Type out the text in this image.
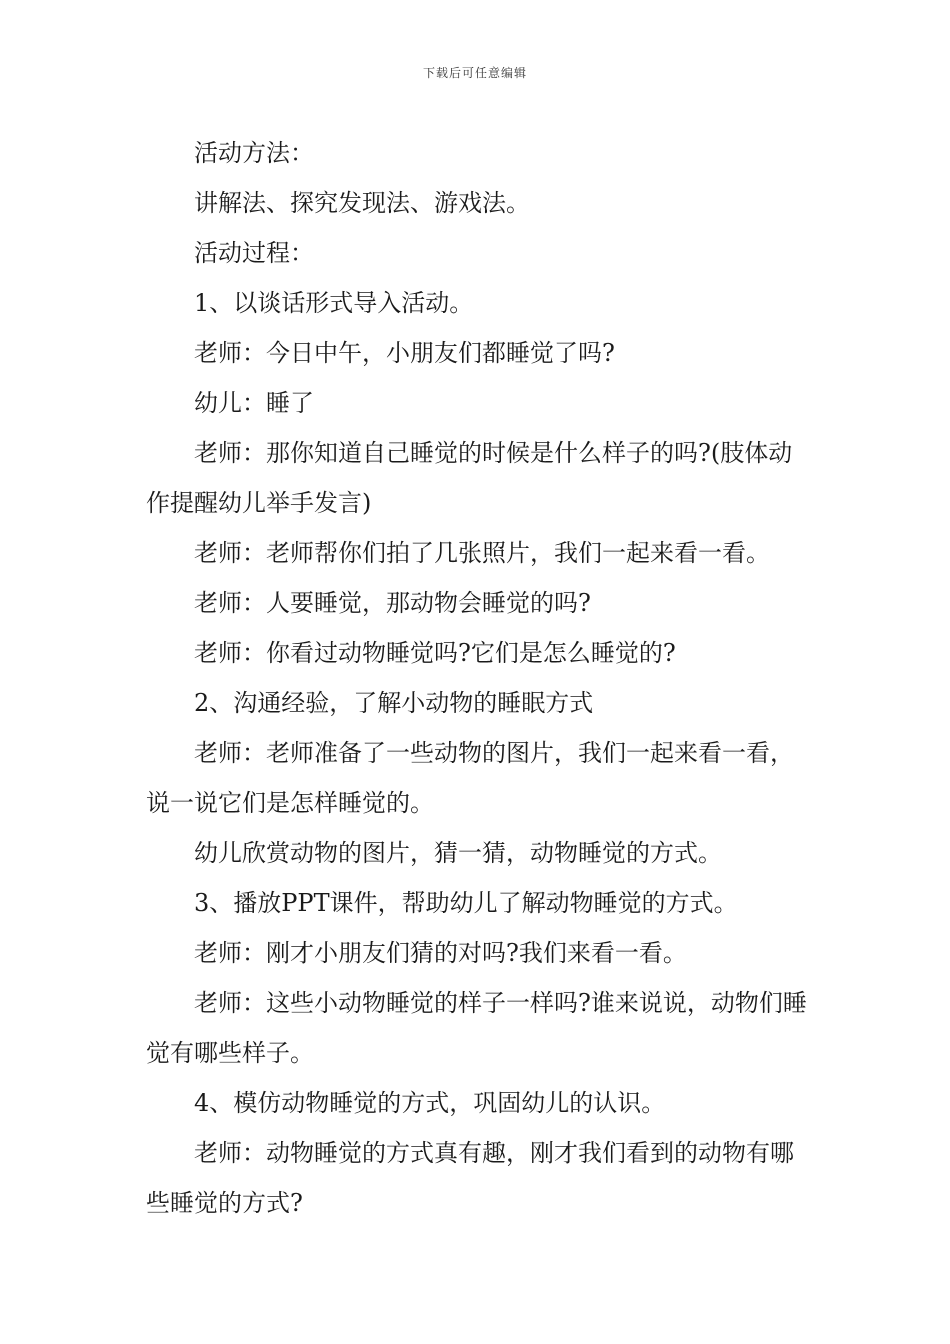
下载后可任意编辑

活动方法：

讲解法、探究发现法、游戏法。

活动过程：

1、以谈话形式导入活动。

老师：今日中午，小朋友们都睡觉了吗?

幼儿：睡了

老师：那你知道自己睡觉的时候是什么样子的吗?(肢体动作提醒幼儿举手发言)

老师：老师帮你们拍了几张照片，我们一起来看一看。

老师：人要睡觉，那动物会睡觉的吗?

老师：你看过动物睡觉吗?它们是怎么睡觉的?

2、沟通经验，了解小动物的睡眠方式

老师：老师准备了一些动物的图片，我们一起来看一看，说一说它们是怎样睡觉的。

幼儿欣赏动物的图片，猜一猜，动物睡觉的方式。

3、播放PPT课件，帮助幼儿了解动物睡觉的方式。

老师：刚才小朋友们猜的对吗?我们来看一看。

老师：这些小动物睡觉的样子一样吗?谁来说说，动物们睡觉有哪些样子。

4、模仿动物睡觉的方式，巩固幼儿的认识。

老师：动物睡觉的方式真有趣，刚才我们看到的动物有哪些睡觉的方式?
